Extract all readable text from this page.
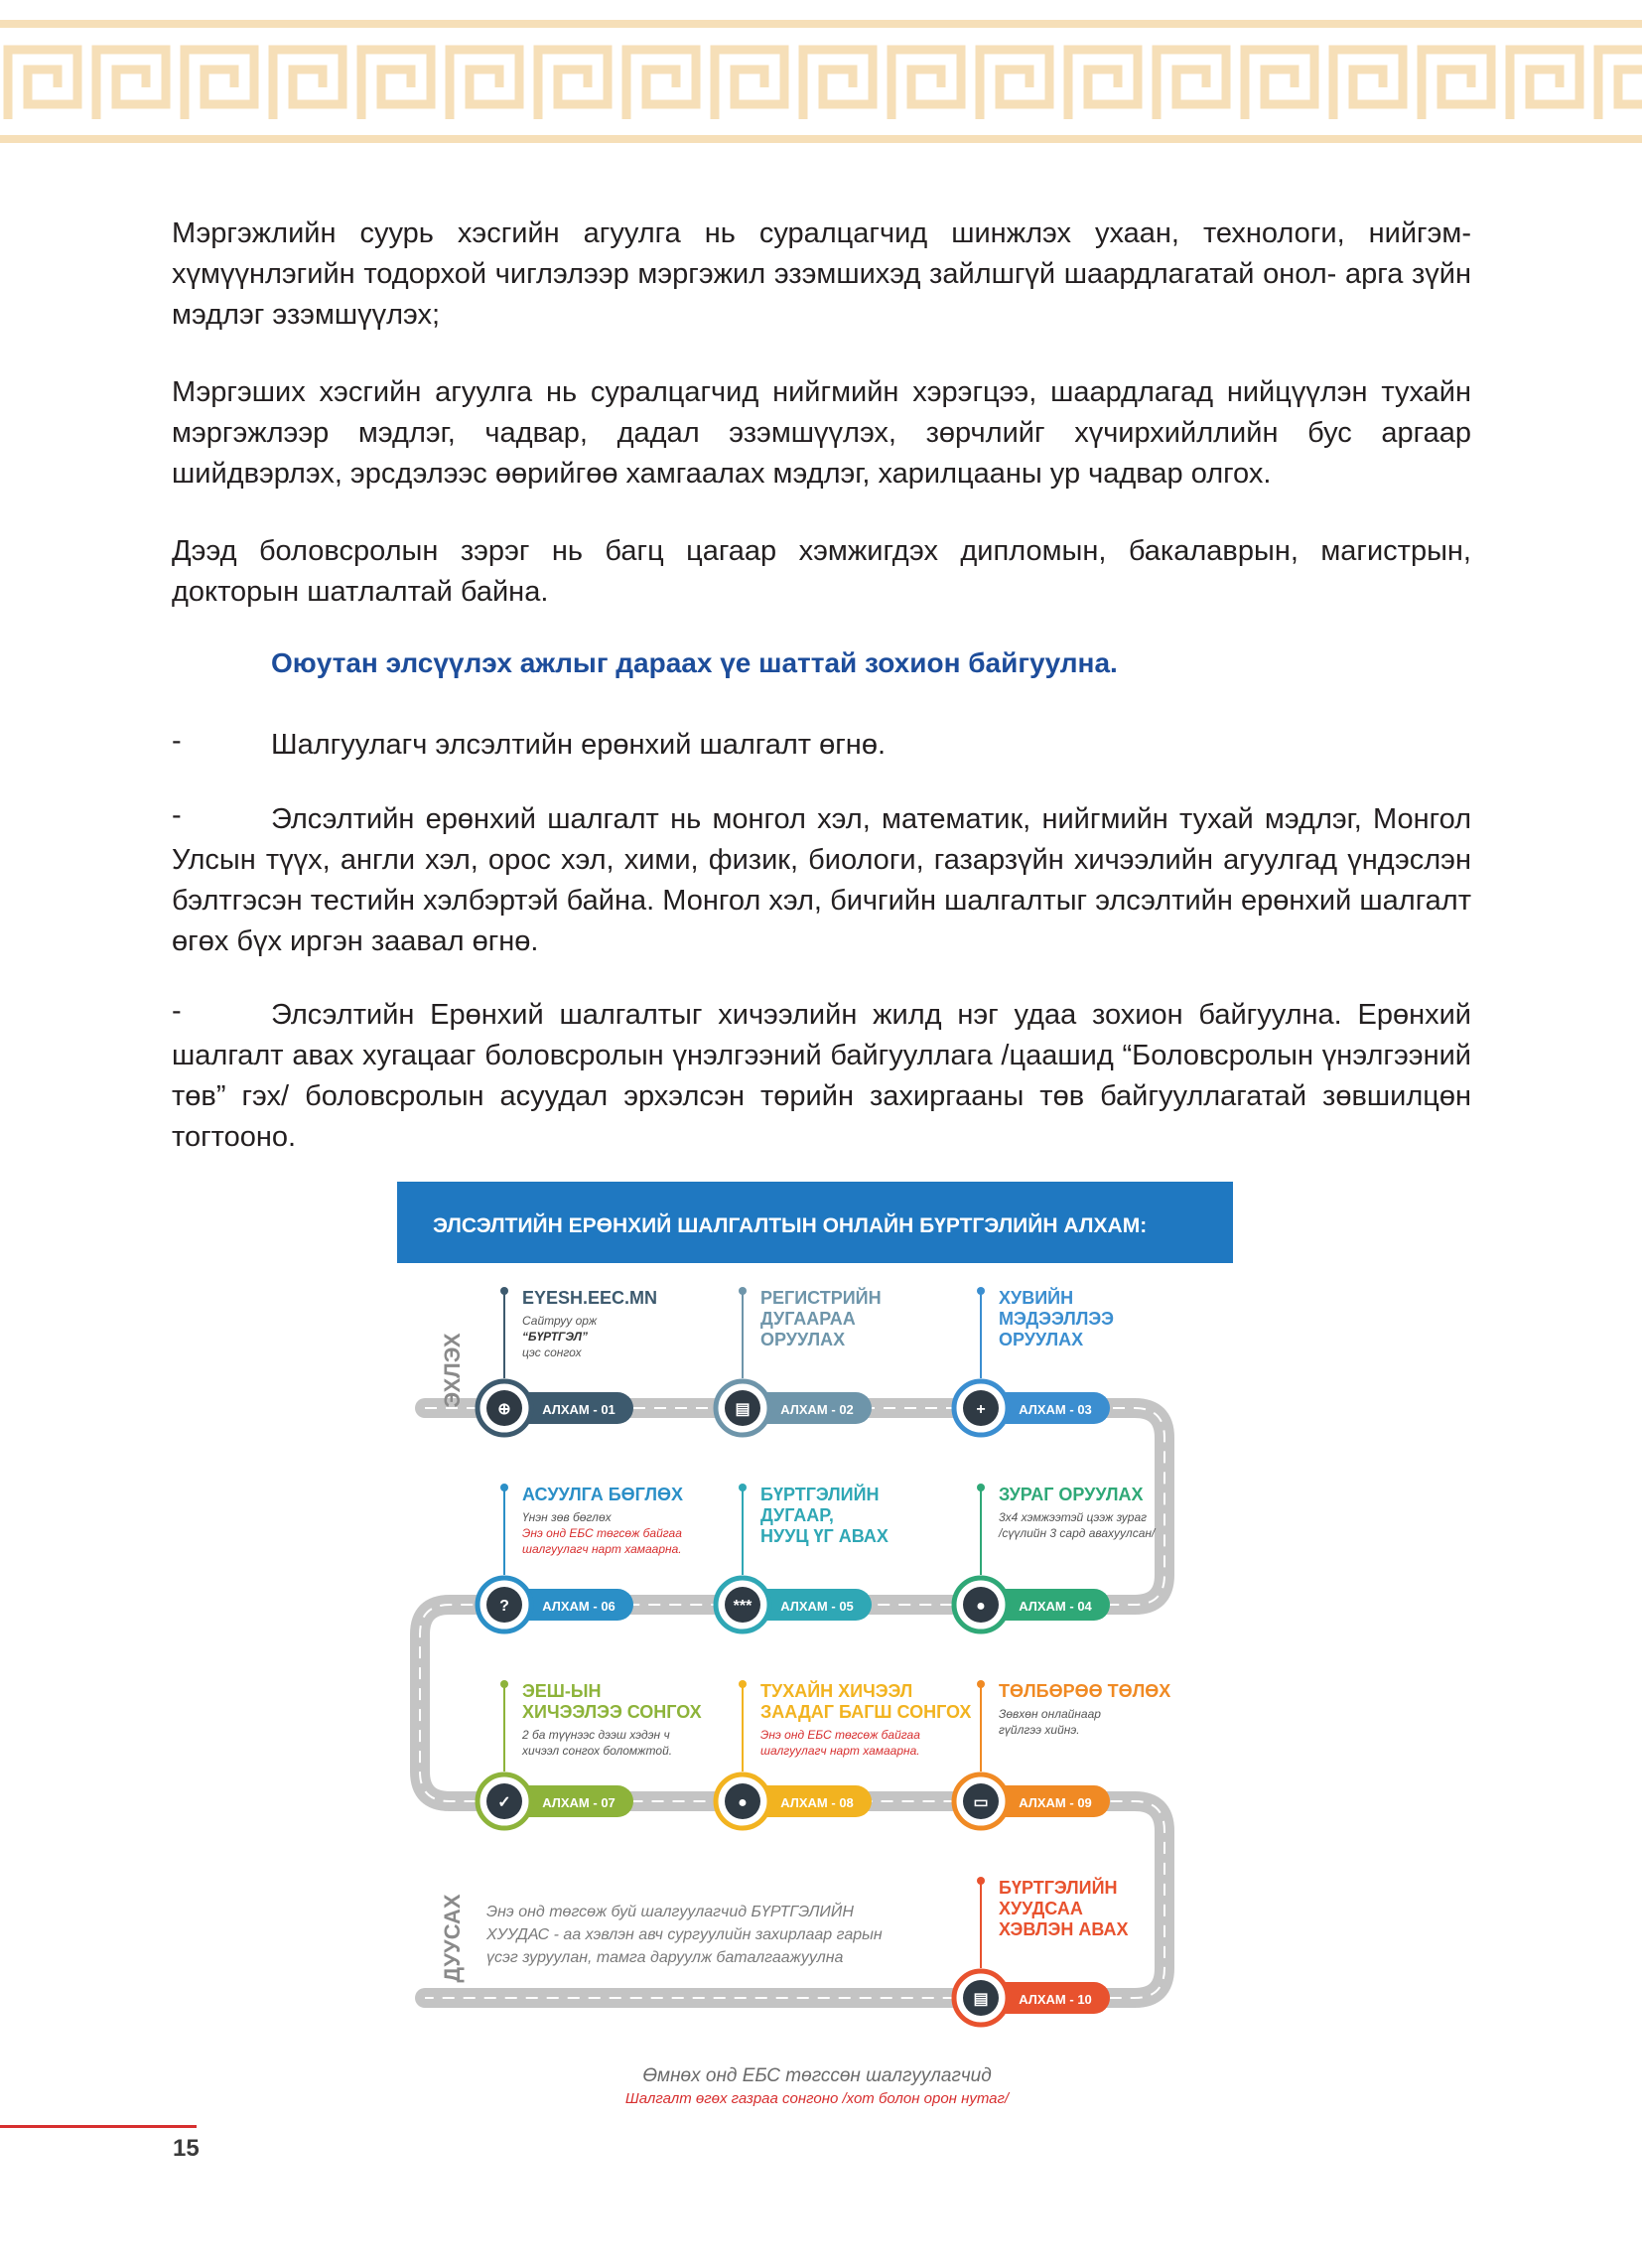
Мэргэжлийн суурь хэсгийн агуулга нь суралцагчид шинжлэх ухаан, технологи, нийгэм-хүмүүнлэгийн тодорхой чиглэлээр мэргэжил эзэмшихэд зайлшгүй шаардлагатай онол- арга зүйн мэдлэг эзэмшүүлэх;

Мэргэших хэсгийн агуулга нь суралцагчид нийгмийн хэрэгцээ, шаардлагад нийцүүлэн тухайн мэргэжлээр мэдлэг, чадвар, дадал эзэмшүүлэх, зөрчлийг хүчирхийллийн бус аргаар шийдвэрлэх, эрсдэлээс өөрийгөө хамгаалах мэдлэг, харилцааны ур чадвар олгох.

Дээд боловсролын зэрэг нь багц цагаар хэмжигдэх дипломын, бакалаврын, магистрын, докторын шатлалтай байна.

Оюутан элсүүлэх ажлыг дараах үе шаттай зохион байгуулна.
-	Шалгуулагч элсэлтийн ерөнхий шалгалт өгнө.

-	Элсэлтийн ерөнхий шалгалт нь монгол хэл, математик, нийгмийн тухай мэдлэг, Монгол Улсын түүх, англи хэл, орос хэл, хими, физик, биологи, газарзүйн хичээлийн агуулгад үндэслэн бэлтгэсэн тестийн хэлбэртэй байна. Монгол хэл, бичгийн шалгалтыг элсэлтийн ерөнхий шалгалт өгөх бүх иргэн заавал өгнө.

-	Элсэлтийн Ерөнхий шалгалтыг хичээлийн жилд нэг удаа зохион байгуулна. Ерөнхий шалгалт авах хугацааг боловсролын үнэлгээний байгууллага /цаашид “Боловсролын үнэлгээний төв” гэх/ боловсролын асуудал эрхэлсэн төрийн захиргааны төв байгууллагатай зөвшилцөн тогтооно.

ЭЛСЭЛТИЙН ЕРӨНХИЙ ШАЛГАЛТЫН ОНЛАЙН БҮРТГЭЛИЙН АЛХАМ:
АЛХАМ - 01
⊕
EYESH.EEC.MN
Сайтруу орж
“БҮРТГЭЛ”
цэс сонгох
АЛХАМ - 02
▤
РЕГИСТРИЙН
ДУГААРАА
ОРУУЛАХ
АЛХАМ - 03
+
ХУВИЙН
МЭДЭЭЛЛЭЭ
ОРУУЛАХ
АЛХАМ - 04
●
ЗУРАГ ОРУУЛАХ
3х4 хэмжээтэй цээж зураг
/сүүлийн 3 сард авахуулсан/
АЛХАМ - 05
***
БҮРТГЭЛИЙН
ДУГААР,
НУУЦ ҮГ АВАХ
АЛХАМ - 06
?
АСУУЛГА БӨГЛӨХ
Үнэн зөв бөглөх
Энэ онд ЕБС төгсөж байгаа
шалгуулагч нарт хамаарна.
АЛХАМ - 07
✓
ЭЕШ-ЫН
ХИЧЭЭЛЭЭ СОНГОХ
2 ба түүнээс дээш хэдэн ч
хичээл сонгох боломжтой.
АЛХАМ - 08
●
ТУХАЙН ХИЧЭЭЛ
ЗААДАГ БАГШ СОНГОХ
Энэ онд ЕБС төгсөж байгаа
шалгуулагч нарт хамаарна.
АЛХАМ - 09
▭
ТӨЛБӨРӨӨ ТӨЛӨХ
Зөвхөн онлайнаар
гүйлгээ хийнэ.
АЛХАМ - 10
▤
БҮРТГЭЛИЙН
ХУУДСАА
ХЭВЛЭН АВАХ
ЭХЛЭХ
ДУУСАХ Энэ онд төгсөж буй шалгуулагчид БҮРТГЭЛИЙН
ХУУДАС - аа хэвлэн авч сургуулийн захирлаар гарын
үсэг зуруулан, тамга даруулж баталгаажуулна
Өмнөх онд ЕБС төгссөн шалгуулагчид
Шалгалт өгөх газраа сонгоно /хот болон орон нутаг/
15
